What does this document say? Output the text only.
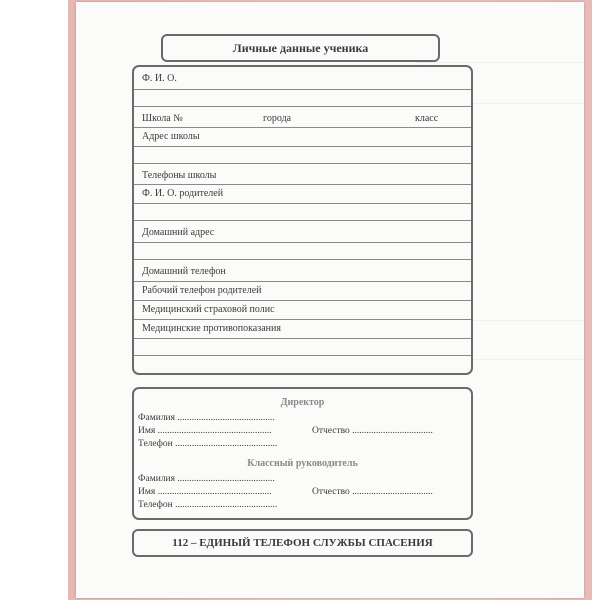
Личные данные ученика
Ф. И. О.
Школа №	города	класс
Адрес школы
Телефоны школы
Ф. И. О. родителей
Домашний адрес
Домашний телефон
Рабочий телефон родителей
Медицинский страховой полис
Медицинские противопоказания
Директор
Фамилия .........................................
Имя ................................................	Отчество ..................................
Телефон ...........................................
Классный руководитель
Фамилия .........................................
Имя ................................................	Отчество ..................................
Телефон ...........................................
112 – ЕДИНЫЙ ТЕЛЕФОН СЛУЖБЫ СПАСЕНИЯ
